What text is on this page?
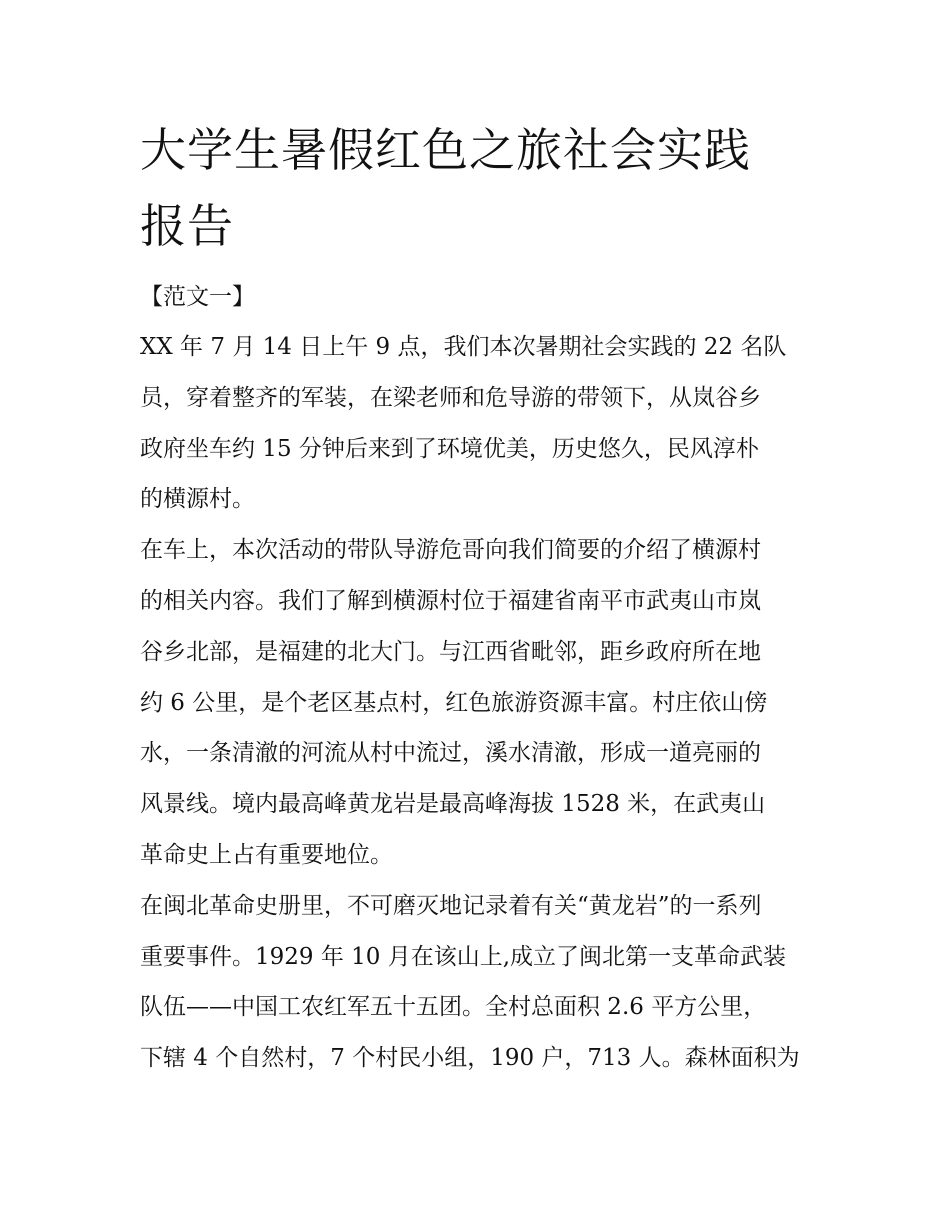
大学生暑假红色之旅社会实践
报告

【范文一】

XX 年 7 月 14 日上午 9 点，我们本次暑期社会实践的 22 名队
员，穿着整齐的军装，在梁老师和危导游的带领下，从岚谷乡
政府坐车约 15 分钟后来到了环境优美，历史悠久，民风淳朴
的横源村。
在车上，本次活动的带队导游危哥向我们简要的介绍了横源村
的相关内容。我们了解到横源村位于福建省南平市武夷山市岚
谷乡北部，是福建的北大门。与江西省毗邻，距乡政府所在地
约 6 公里，是个老区基点村，红色旅游资源丰富。村庄依山傍
水，一条清澈的河流从村中流过，溪水清澈，形成一道亮丽的
风景线。境内最高峰黄龙岩是最高峰海拔 1528 米，在武夷山
革命史上占有重要地位。
在闽北革命史册里，不可磨灭地记录着有关“黄龙岩”的一系列
重要事件。1929 年 10 月在该山上,成立了闽北第一支革命武装
队伍——中国工农红军五十五团。全村总面积 2.6 平方公里，
下辖 4 个自然村，7 个村民小组，190 户，713 人。森林面积为
